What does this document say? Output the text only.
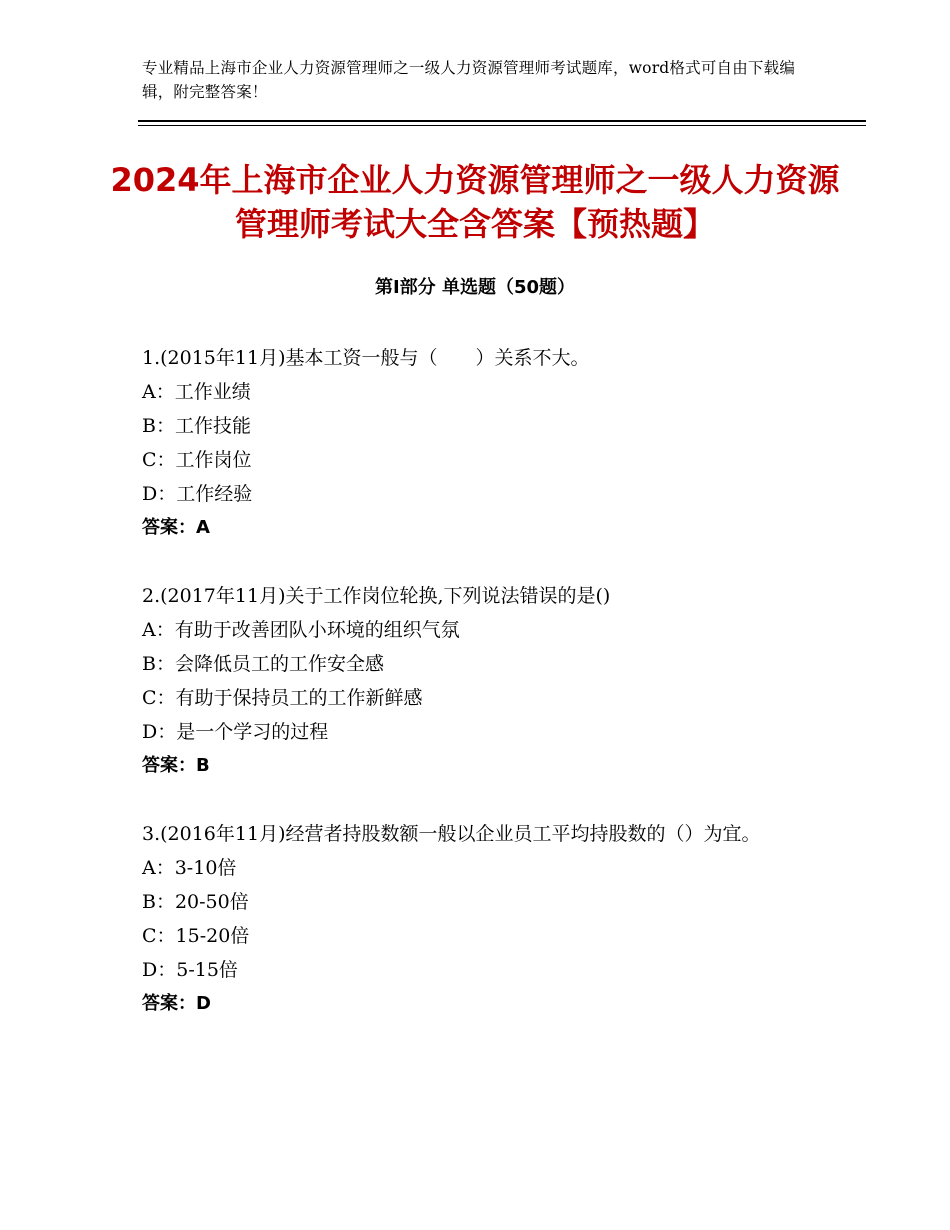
专业精品上海市企业人力资源管理师之一级人力资源管理师考试题库，word格式可自由下载编辑，附完整答案！
2024年上海市企业人力资源管理师之一级人力资源管理师考试大全含答案【预热题】
第Ⅰ部分 单选题（50题）

1.(2015年11月)基本工资一般与（　　）关系不大。

A：工作业绩

B：工作技能

C：工作岗位

D：工作经验

答案：A

2.(2017年11月)关于工作岗位轮换,下列说法错误的是()

A：有助于改善团队小环境的组织气氛

B：会降低员工的工作安全感

C：有助于保持员工的工作新鲜感

D：是一个学习的过程

答案：B

3.(2016年11月)经营者持股数额一般以企业员工平均持股数的（）为宜。

A：3-10倍

B：20-50倍

C：15-20倍

D：5-15倍

答案：D
